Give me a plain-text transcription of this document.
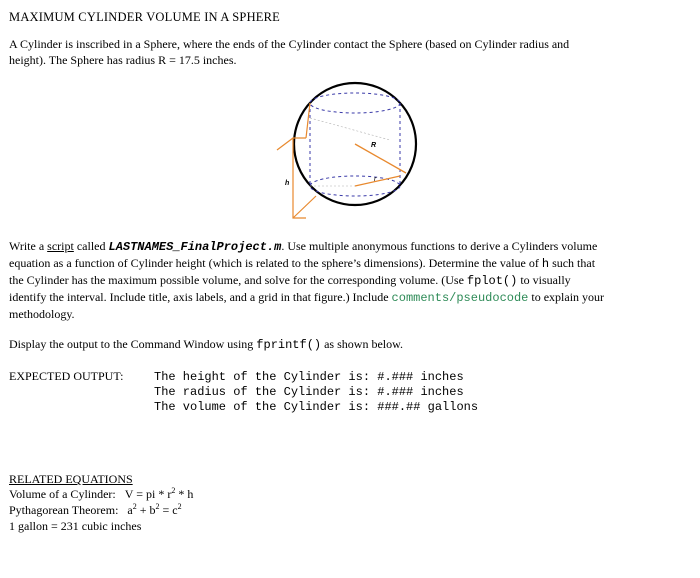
MAXIMUM CYLINDER VOLUME IN A SPHERE
A Cylinder is inscribed in a Sphere, where the ends of the Cylinder contact the Sphere (based on Cylinder radius and
height). The Sphere has radius R = 17.5 inches.
R
r
h
Write a script called LASTNAMES_FinalProject.m. Use multiple anonymous functions to derive a Cylinders volume
equation as a function of Cylinder height (which is related to the sphere’s dimensions). Determine the value of h such that
the Cylinder has the maximum possible volume, and solve for the corresponding volume. (Use fplot() to visually
identify the interval. Include title, axis labels, and a grid in that figure.) Include comments/pseudocode to explain your
methodology.
Display the output to the Command Window using fprintf() as shown below.
EXPECTED OUTPUT:	The height of the Cylinder is: #.### inches
The radius of the Cylinder is: #.### inches
The volume of the Cylinder is: ###.## gallons
RELATED EQUATIONS
Volume of a Cylinder: V = pi * $r^2$ * h
Pythagorean Theorem: $a^2 + b^2 = c^2$
1 gallon = 231 cubic inches
